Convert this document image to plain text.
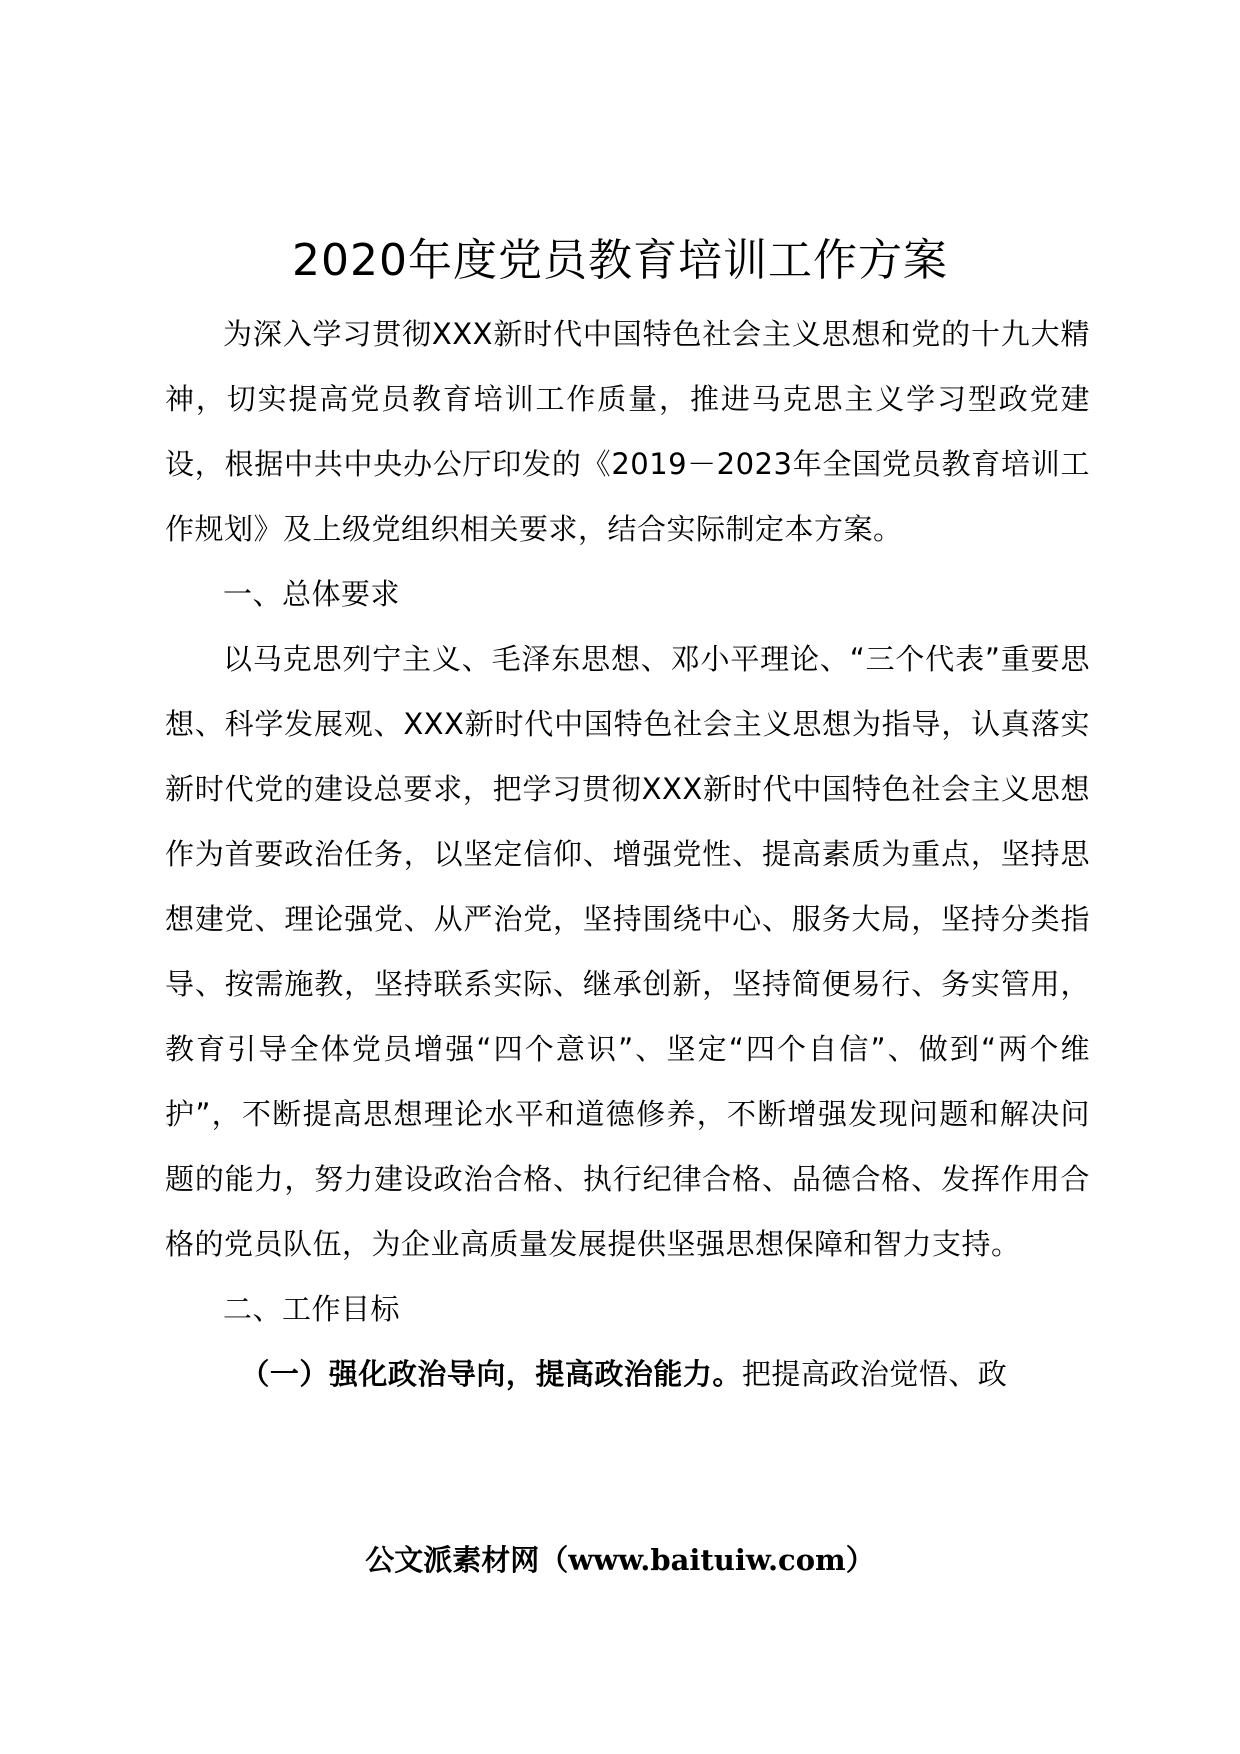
2020年度党员教育培训工作方案

为深入学习贯彻XXX新时代中国特色社会主义思想和党的十九大精神，切实提高党员教育培训工作质量，推进马克思主义学习型政党建设，根据中共中央办公厅印发的《2019－2023年全国党员教育培训工作规划》及上级党组织相关要求，结合实际制定本方案。

一、总体要求

以马克思列宁主义、毛泽东思想、邓小平理论、“三个代表”重要思想、科学发展观、XXX新时代中国特色社会主义思想为指导，认真落实新时代党的建设总要求，把学习贯彻XXX新时代中国特色社会主义思想作为首要政治任务，以坚定信仰、增强党性、提高素质为重点，坚持思想建党、理论强党、从严治党，坚持围绕中心、服务大局，坚持分类指导、按需施教，坚持联系实际、继承创新，坚持简便易行、务实管用，教育引导全体党员增强“四个意识”、坚定“四个自信”、做到“两个维护”，不断提高思想理论水平和道德修养，不断增强发现问题和解决问题的能力，努力建设政治合格、执行纪律合格、品德合格、发挥作用合格的党员队伍，为企业高质量发展提供坚强思想保障和智力支持。

二、工作目标

（一）强化政治导向，提高政治能力。把提高政治觉悟、政

公文派素材网（www.baituiw.com）
